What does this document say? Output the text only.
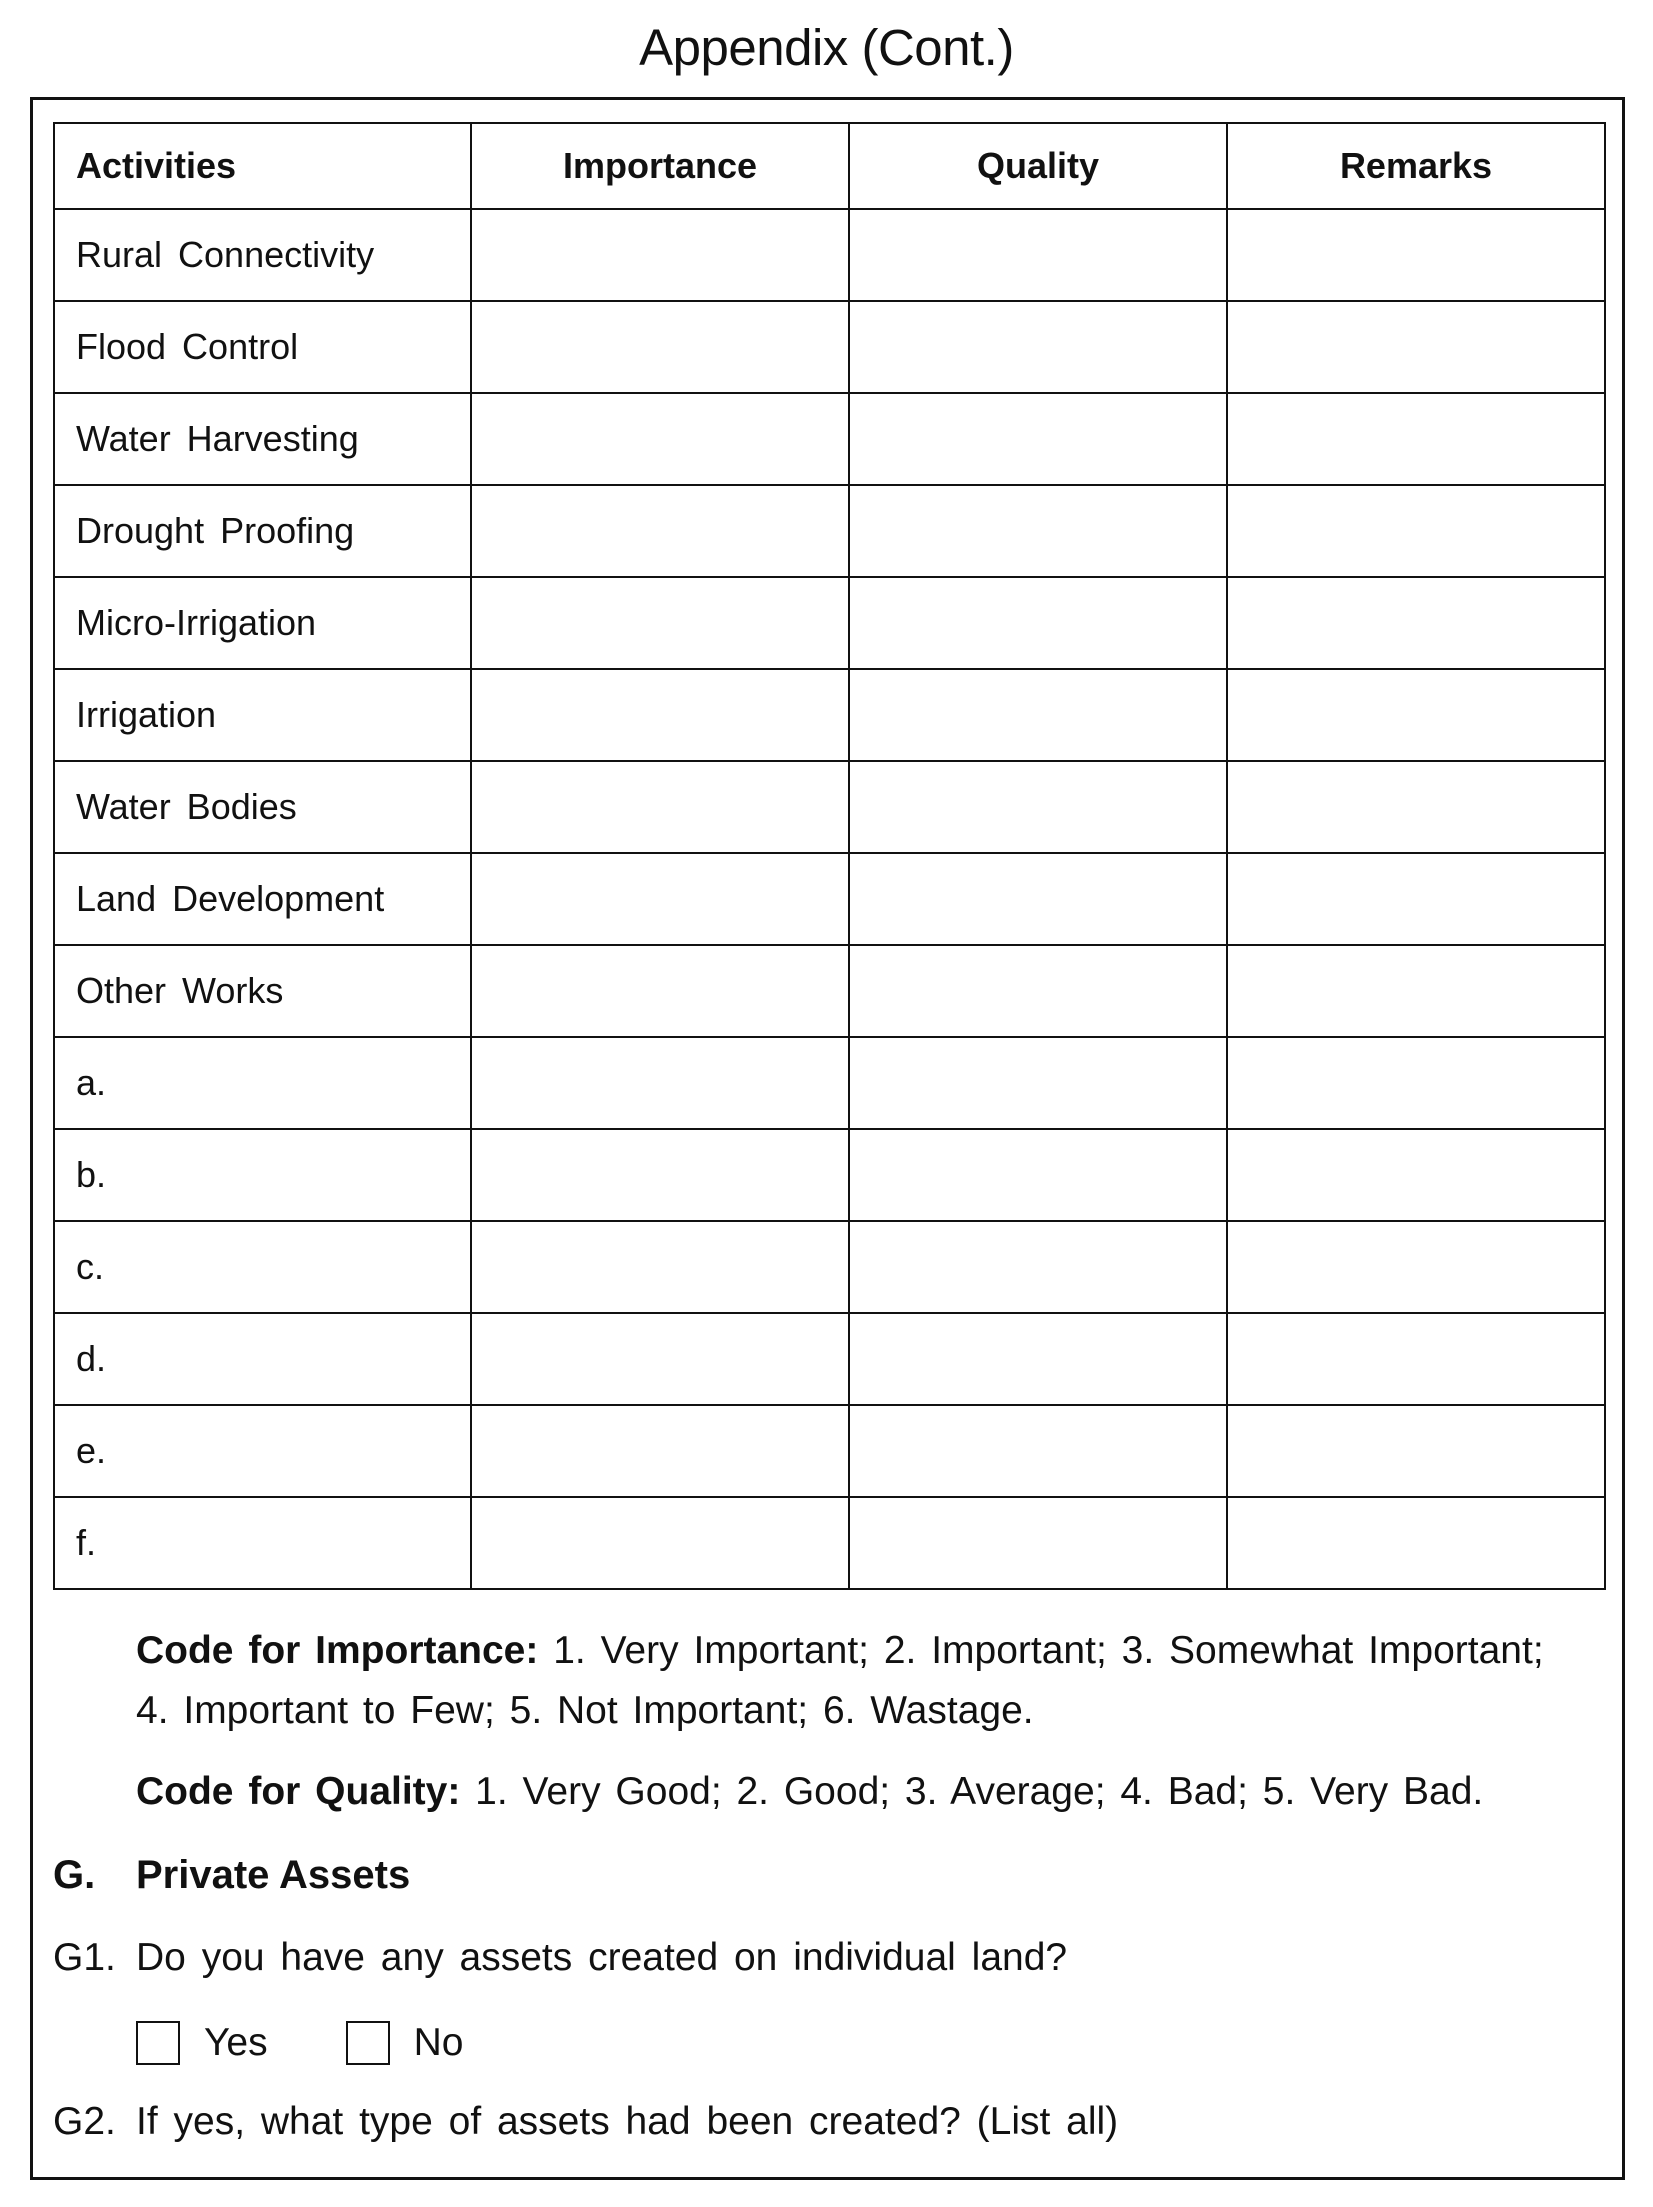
Appendix (Cont.)
Activities	Importance	Quality	Remarks
Rural Connectivity			
Flood Control			
Water Harvesting			
Drought Proofing			
Micro-Irrigation			
Irrigation			
Water Bodies			
Land Development			
Other Works			
a.			
b.			
c.			
d.			
e.			
f.			
Code for Importance: 1. Very Important; 2. Important; 3. Somewhat Important;
4. Important to Few; 5. Not Important; 6. Wastage.
Code for Quality: 1. Very Good; 2. Good; 3. Average; 4. Bad; 5. Very Bad.
G. Private Assets
G1. Do you have any assets created on individual land?
Yes	No
G2. If yes, what type of assets had been created? (List all)
